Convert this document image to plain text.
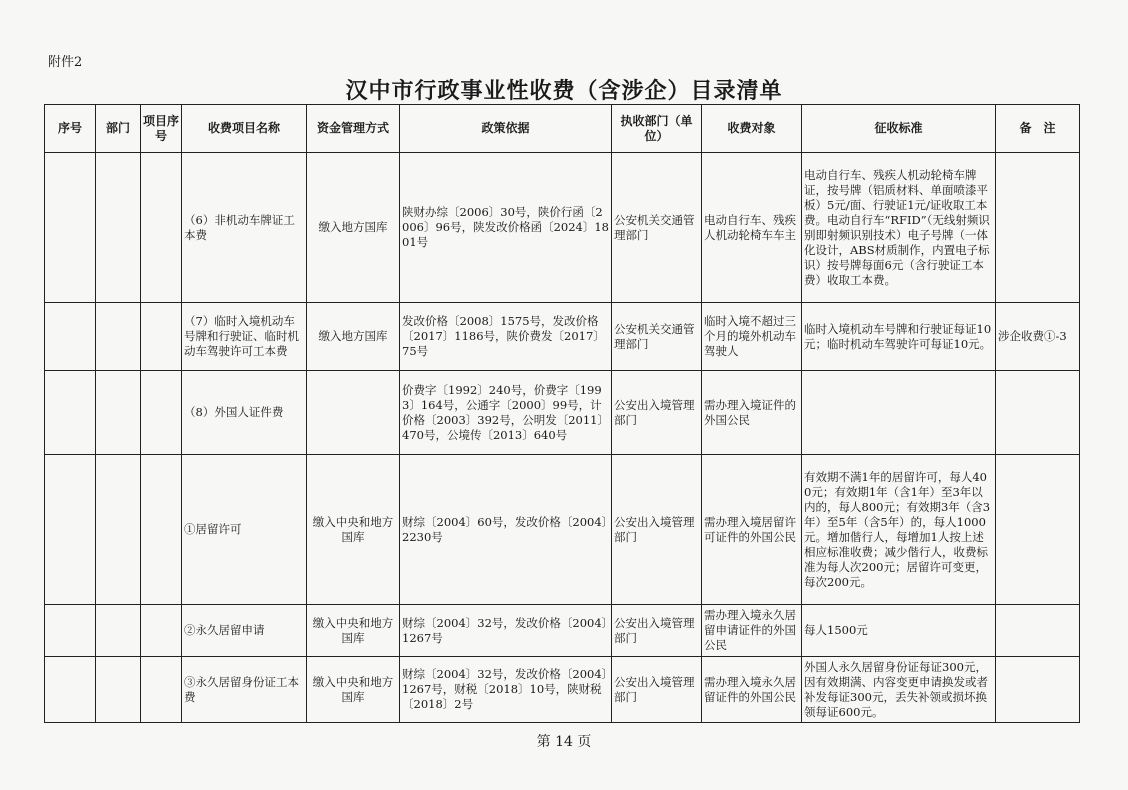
附件2
汉中市行政事业性收费（含涉企）目录清单
序号	部门	项目序号	收费项目名称	资金管理方式	政策依据	执收部门（单位）	收费对象	征收标准	备　注
			（6）非机动车牌证工本费	缴入地方国库	陕财办综〔2006〕30号，陕价行函〔2006〕96号，陕发改价格函〔2024〕1801号	公安机关交通管理部门	电动自行车、残疾人机动轮椅车车主	电动自行车、残疾人机动轮椅车牌证，按号牌（铝质材料、单面喷漆平板）5元/面、行驶证1元/证收取工本费。电动自行车“RFID”（无线射频识别即射频识别技术）电子号牌（一体化设计，ABS材质制作，内置电子标识）按号牌每面6元（含行驶证工本费）收取工本费。	
			（7）临时入境机动车号牌和行驶证、临时机动车驾驶许可工本费	缴入地方国库	发改价格〔2008〕1575号，发改价格〔2017〕1186号，陕价费发〔2017〕75号	公安机关交通管理部门	临时入境不超过三个月的境外机动车驾驶人	临时入境机动车号牌和行驶证每证10元；临时机动车驾驶许可每证10元。	涉企收费①-3
			（8）外国人证件费		价费字〔1992〕240号，价费字〔1993〕164号，公通字〔2000〕99号，计价格〔2003〕392号，公明发〔2011〕470号，公境传〔2013〕640号	公安出入境管理部门	需办理入境证件的外国公民		
			①居留许可	缴入中央和地方国库	财综〔2004〕60号，发改价格〔2004〕2230号	公安出入境管理部门	需办理入境居留许可证件的外国公民	有效期不满1年的居留许可，每人400元；有效期1年（含1年）至3年以内的，每人800元；有效期3年（含3年）至5年（含5年）的，每人1000元。增加偕行人，每增加1人按上述相应标准收费；减少偕行人，收费标准为每人次200元；居留许可变更，每次200元。	
			②永久居留申请	缴入中央和地方国库	财综〔2004〕32号，发改价格〔2004〕1267号	公安出入境管理部门	需办理入境永久居留申请证件的外国公民	每人1500元	
			③永久居留身份证工本费	缴入中央和地方国库	财综〔2004〕32号，发改价格〔2004〕1267号，财税〔2018〕10号，陕财税〔2018〕2号	公安出入境管理部门	需办理入境永久居留证件的外国公民	外国人永久居留身份证每证300元，因有效期满、内容变更申请换发或者补发每证300元，丢失补领或损坏换领每证600元。	
第 14 页
